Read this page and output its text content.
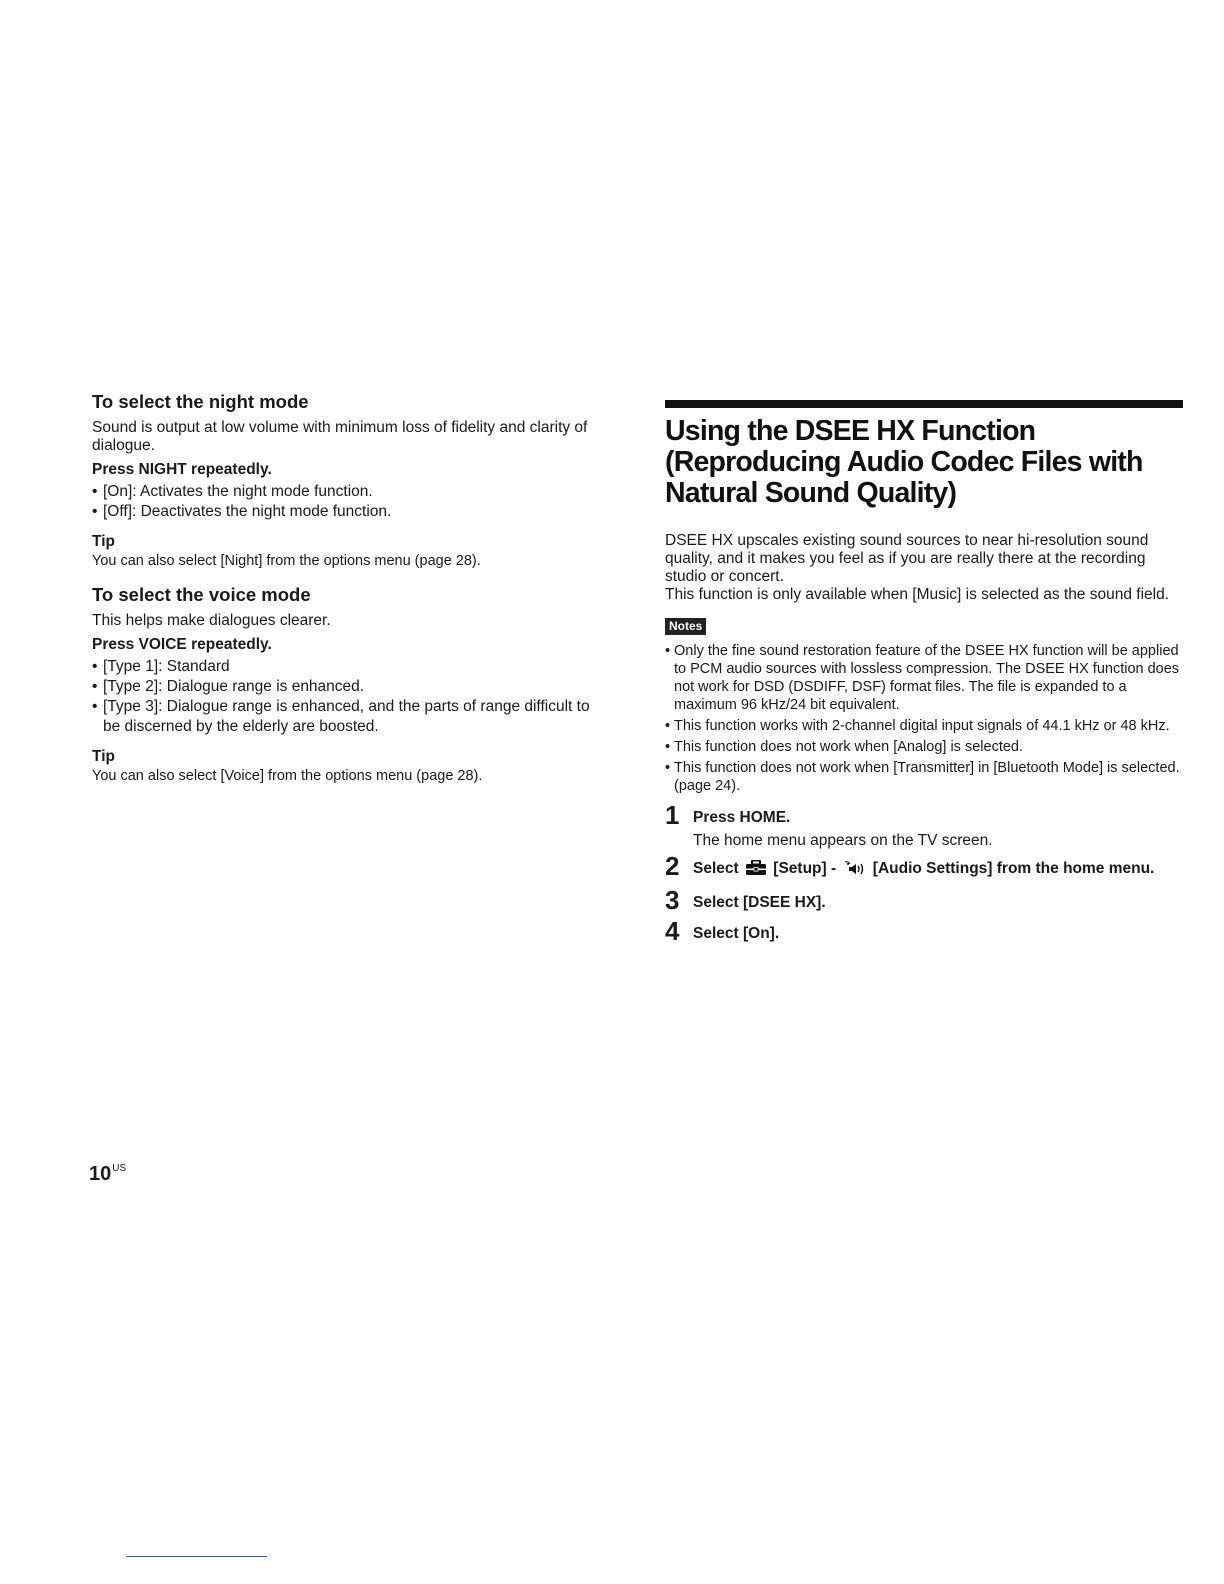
To select the night mode

Sound is output at low volume with minimum loss of fidelity and clarity of dialogue.

Press NIGHT repeatedly.

• [On]: Activates the night mode function.
• [Off]: Deactivates the night mode function.

Tip

You can also select [Night] from the options menu (page 28).

To select the voice mode

This helps make dialogues clearer.

Press VOICE repeatedly.

• [Type 1]: Standard
• [Type 2]: Dialogue range is enhanced.
• [Type 3]: Dialogue range is enhanced, and the parts of range difficult to be discerned by the elderly are boosted.

Tip

You can also select [Voice] from the options menu (page 28).

Using the DSEE HX Function (Reproducing Audio Codec Files with Natural Sound Quality)

DSEE HX upscales existing sound sources to near hi-resolution sound quality, and it makes you feel as if you are really there at the recording studio or concert.

This function is only available when [Music] is selected as the sound field.

Notes
• Only the fine sound restoration feature of the DSEE HX function will be applied to PCM audio sources with lossless compression. The DSEE HX function does not work for DSD (DSDIFF, DSF) format files. The file is expanded to a maximum 96 kHz/24 bit equivalent.
• This function works with 2-channel digital input signals of 44.1 kHz or 48 kHz.
• This function does not work when [Analog] is selected.
• This function does not work when [Transmitter] in [Bluetooth Mode] is selected. (page 24).
1 Press HOME.
The home menu appears on the TV screen.
2 Select [Setup] - [Audio Settings] from the home menu.
3 Select [DSEE HX].
4 Select [On].
$10^{US}$
